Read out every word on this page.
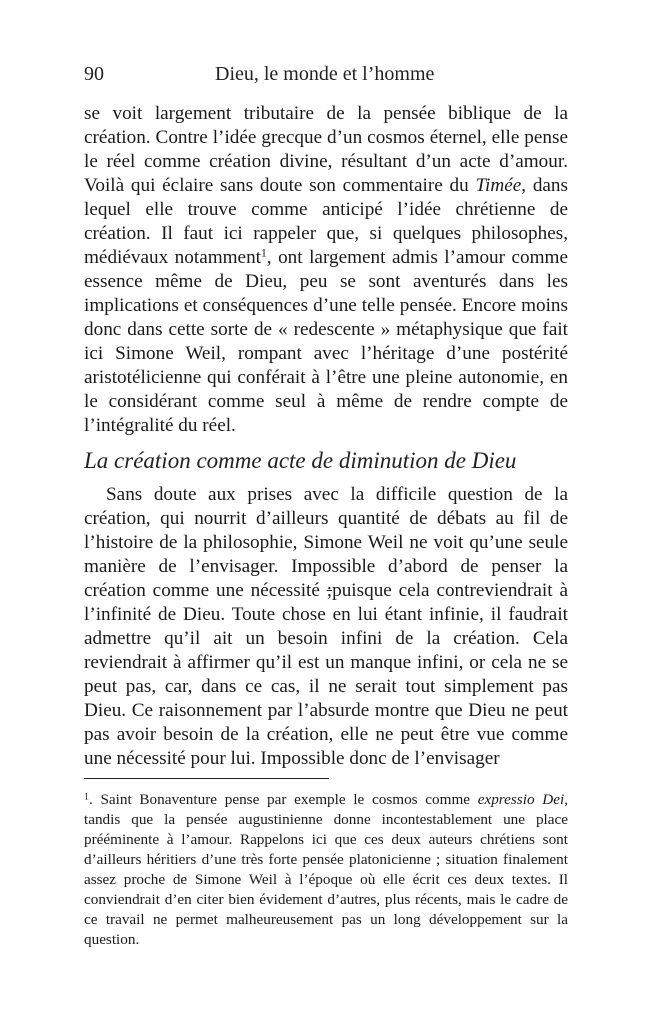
90	Dieu, le monde et l’homme

se voit largement tributaire de la pensée biblique de la création. Contre l’idée grecque d’un cosmos éternel, elle pense le réel comme création divine, résultant d’un acte d’amour. Voilà qui éclaire sans doute son commentaire du Timée, dans lequel elle trouve comme anticipé l’idée chrétienne de création. Il faut ici rappeler que, si quelques philosophes, médiévaux notamment$^1$, ont largement admis l’amour comme essence même de Dieu, peu se sont aventurés dans les implications et conséquences d’une telle pensée. Encore moins donc dans cette sorte de « redescente » métaphysique que fait ici Simone Weil, rompant avec l’héritage d’une postérité aristotélicienne qui conférait à l’être une pleine autonomie, en le considérant comme seul à même de rendre compte de l’intégralité du réel.

La création comme acte de diminution de Dieu

Sans doute aux prises avec la difficile question de la création, qui nourrit d’ailleurs quantité de débats au fil de l’histoire de la philosophie, Simone Weil ne voit qu’une seule manière de l’envisager. Impossible d’abord de penser la création comme une nécessité ;puisque cela contreviendrait à l’infinité de Dieu. Toute chose en lui étant infinie, il faudrait admettre qu’il ait un besoin infini de la création. Cela reviendrait à affirmer qu’il est un manque infini, or cela ne se peut pas, car, dans ce cas, il ne serait tout simplement pas Dieu. Ce raisonnement par l’absurde montre que Dieu ne peut pas avoir besoin de la création, elle ne peut être vue comme une nécessité pour lui. Impossible donc de l’envisager

$^1$. Saint Bonaventure pense par exemple le cosmos comme expressio Dei, tandis que la pensée augustinienne donne incontestablement une place prééminente à l’amour. Rappelons ici que ces deux auteurs chrétiens sont d’ailleurs héritiers d’une très forte pensée platonicienne ; situation finalement assez proche de Simone Weil à l’époque où elle écrit ces deux textes. Il conviendrait d’en citer bien évidement d’autres, plus récents, mais le cadre de ce travail ne permet malheureusement pas un long développement sur la question.
